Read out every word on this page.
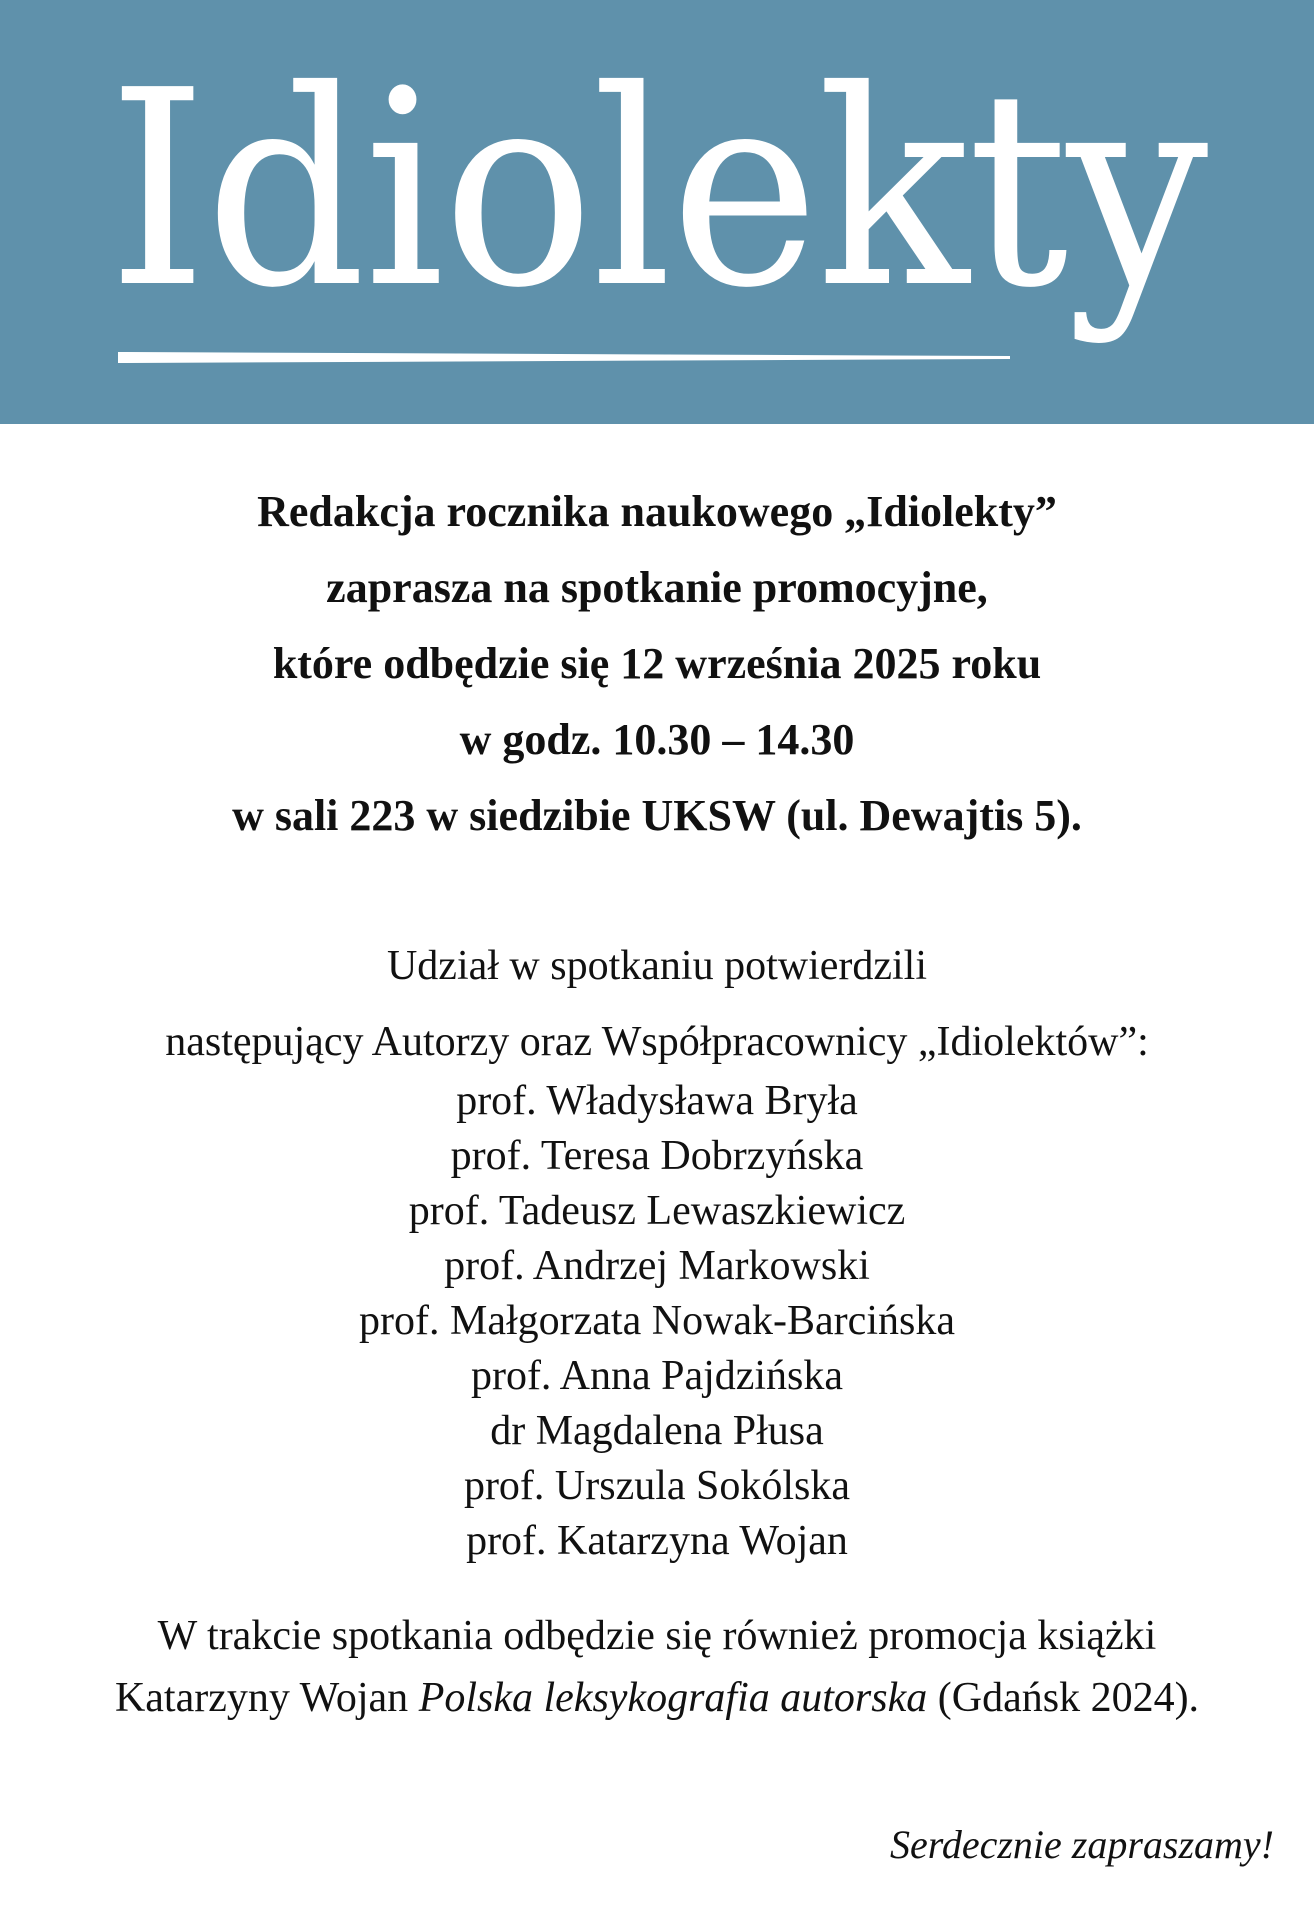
Idiolekty
Redakcja rocznika naukowego „Idiolekty”
zaprasza na spotkanie promocyjne,
które odbędzie się 12 września 2025 roku
w godz. 10.30 – 14.30
w sali 223 w siedzibie UKSW (ul. Dewajtis 5).
Udział w spotkaniu potwierdzili
następujący Autorzy oraz Współpracownicy „Idiolektów”:
prof. Władysława Bryła
prof. Teresa Dobrzyńska
prof. Tadeusz Lewaszkiewicz
prof. Andrzej Markowski
prof. Małgorzata Nowak-Barcińska
prof. Anna Pajdzińska
dr Magdalena Płusa
prof. Urszula Sokólska
prof. Katarzyna Wojan
W trakcie spotkania odbędzie się również promocja książki
Katarzyny Wojan Polska leksykografia autorska (Gdańsk 2024).
Serdecznie zapraszamy!
